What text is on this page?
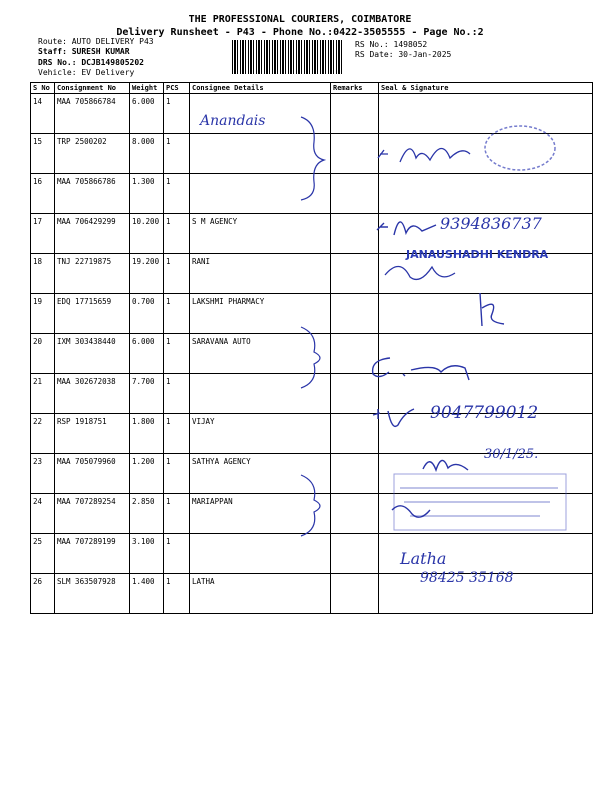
THE PROFESSIONAL COURIERS, COIMBATORE
Delivery Runsheet - P43 - Phone No.:0422-3505555 - Page No.:2
Route: AUTO DELIVERY P43
Staff: SURESH KUMAR
DRS No.: DCJB149805202
Vehicle: EV Delivery
RS No.: 1498052
RS Date: 30-Jan-2025
S No	Consignment No	Weight	PCS	Consignee Details	Remarks	Seal & Signature
14	MAA 705866784	6.000	1			
15	TRP 2500202	8.000	1			
16	MAA 705866786	1.300	1			
17	MAA 706429299	10.200	1	S M AGENCY		
18	TNJ 22719875	19.200	1	RANI		
19	EDQ 17715659	0.700	1	LAKSHMI PHARMACY		
20	IXM 303438440	6.000	1	SARAVANA AUTO		
21	MAA 302672038	7.700	1			
22	RSP 1918751	1.800	1	VIJAY		
23	MAA 705079960	1.200	1	SATHYA AGENCY		
24	MAA 707289254	2.850	1	MARIAPPAN		
25	MAA 707289199	3.100	1			
26	SLM 363507928	1.400	1	LATHA		
Anandais
9394836737
JANAUSHADHI KENDRA
9047799012
30/1/25.
Latha
98425 35168
